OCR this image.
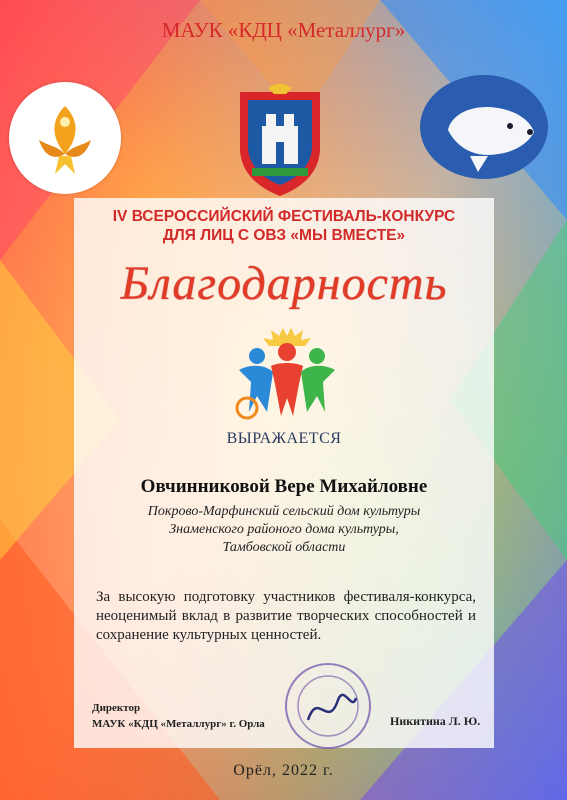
МАУК «КДЦ «Металлург»
IV ВСЕРОССИЙСКИЙ ФЕСТИВАЛЬ-КОНКУРС
ДЛЯ ЛИЦ С ОВЗ «МЫ ВМЕСТЕ»
Благодарность
ВЫРАЖАЕТСЯ
Овчинниковой Вере Михайловне
Покрово-Марфинский сельский дом культуры
Знаменского районого дома культуры,
Тамбовской области
За высокую подготовку участников фестиваля-конкурса, неоценимый вклад в развитие творческих способностей и сохранение культурных ценностей.
Директор
МАУК «КДЦ «Металлург» г. Орла	Никитина Л. Ю.
Орёл, 2022 г.
